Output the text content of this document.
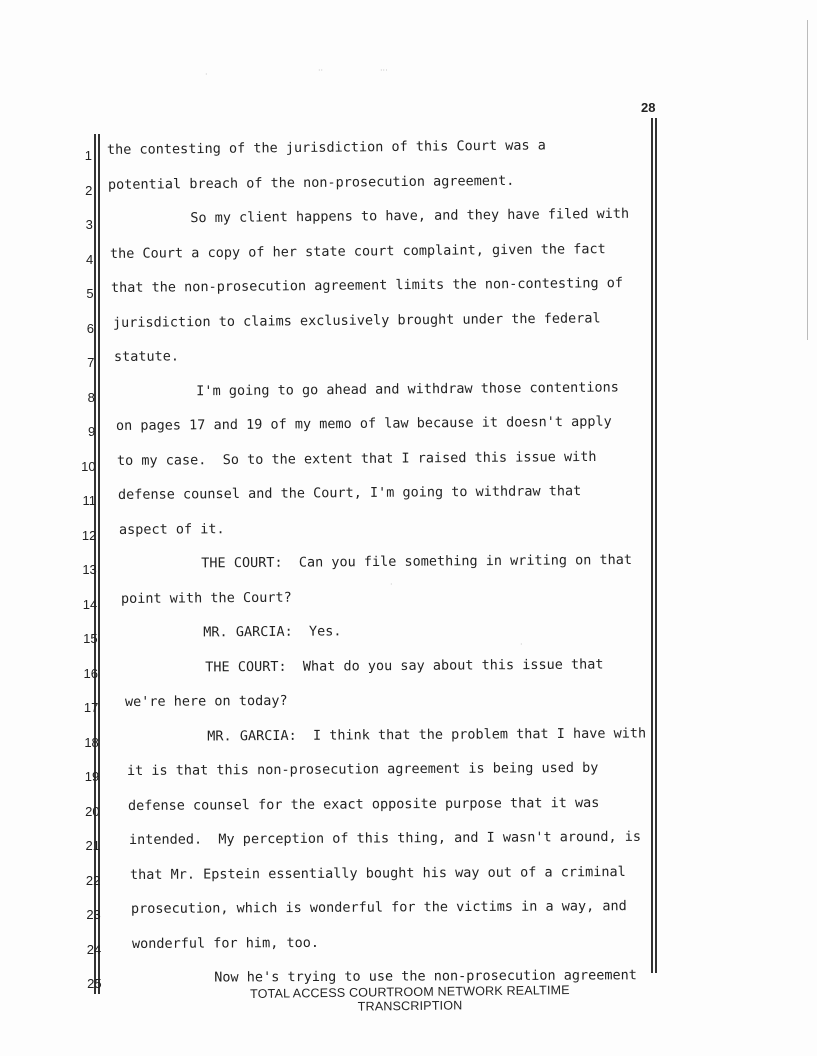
28
1 the contesting of the jurisdiction of this Court was a
2 potential breach of the non-prosecution agreement.
3 So my client happens to have, and they have filed with
4 the Court a copy of her state court complaint, given the fact
5 that the non-prosecution agreement limits the non-contesting of
6 jurisdiction to claims exclusively brought under the federal
7 statute.
8 I'm going to go ahead and withdraw those contentions
9 on pages 17 and 19 of my memo of law because it doesn't apply
10 to my case.  So to the extent that I raised this issue with
11 defense counsel and the Court, I'm going to withdraw that
12 aspect of it.
13 THE COURT:  Can you file something in writing on that
14 point with the Court?
15 MR. GARCIA:  Yes.
16 THE COURT:  What do you say about this issue that
17 we're here on today?
18 MR. GARCIA:  I think that the problem that I have with
19 it is that this non-prosecution agreement is being used by
20 defense counsel for the exact opposite purpose that it was
21 intended.  My perception of this thing, and I wasn't around, is
22 that Mr. Epstein essentially bought his way out of a criminal
23 prosecution, which is wonderful for the victims in a way, and
24 wonderful for him, too.
25 Now he's trying to use the non-prosecution agreement
TOTAL ACCESS COURTROOM NETWORK REALTIME TRANSCRIPTION
·	··	···
·
·
